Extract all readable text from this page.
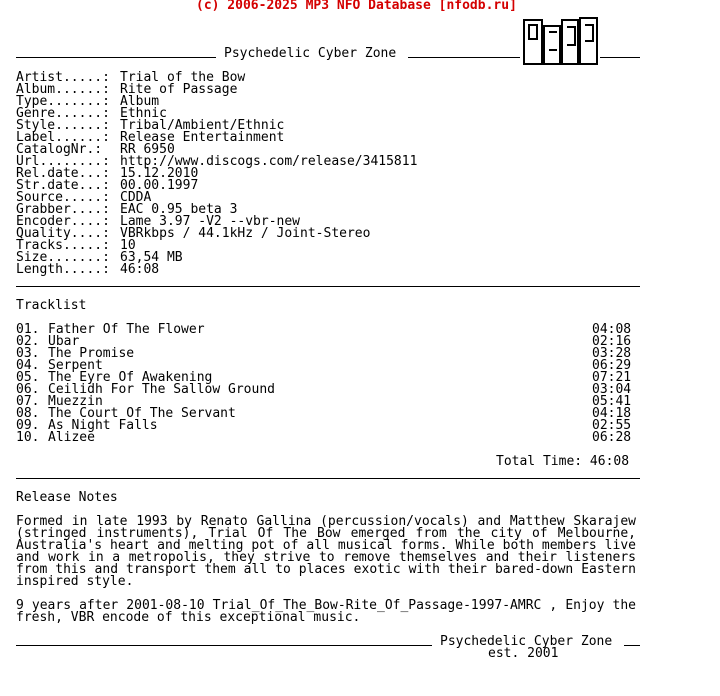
(c) 2006-2025 MP3 NFO Database [nfodb.ru]
Psychedelic Cyber Zone
Artist.....: Trial of the Bow
Album......: Rite of Passage
Type.......: Album
Genre......: Ethnic
Style......: Tribal/Ambient/Ethnic
Label......: Release Entertainment
CatalogNr.: RR 6950
Url........: http://www.discogs.com/release/3415811
Rel.date...: 15.12.2010
Str.date...: 00.00.1997
Source.....: CDDA
Grabber....: EAC 0.95 beta 3
Encoder....: Lame 3.97 -V2 --vbr-new
Quality....: VBRkbps / 44.1kHz / Joint-Stereo
Tracks.....: 10
Size.......: 63,54 MB
Length.....: 46:08
Tracklist
01. Father Of The Flower	04:08
02. Ubar	02:16
03. The Promise	03:28
04. Serpent	06:29
05. The Eyre Of Awakening	07:21
06. Ceilidh For The Sallow Ground	03:04
07. Muezzin	05:41
08. The Court Of The Servant	04:18
09. As Night Falls	02:55
10. Alizee	06:28
Total Time: 46:08
Release Notes
Formed in late 1993 by Renato Gallina (percussion/vocals) and Matthew Skarajew (stringed instruments), Trial Of The Bow emerged from the city of Melbourne, Australia's heart and melting pot of all musical forms. While both members live and work in a metropolis, they strive to remove themselves and their listeners from this and transport them all to places exotic with their bared-down Eastern inspired style.
9 years after 2001-08-10 Trial_Of_The_Bow-Rite_Of_Passage-1997-AMRC , Enjoy the fresh, VBR encode of this exceptional music.
Psychedelic Cyber Zone
est. 2001
